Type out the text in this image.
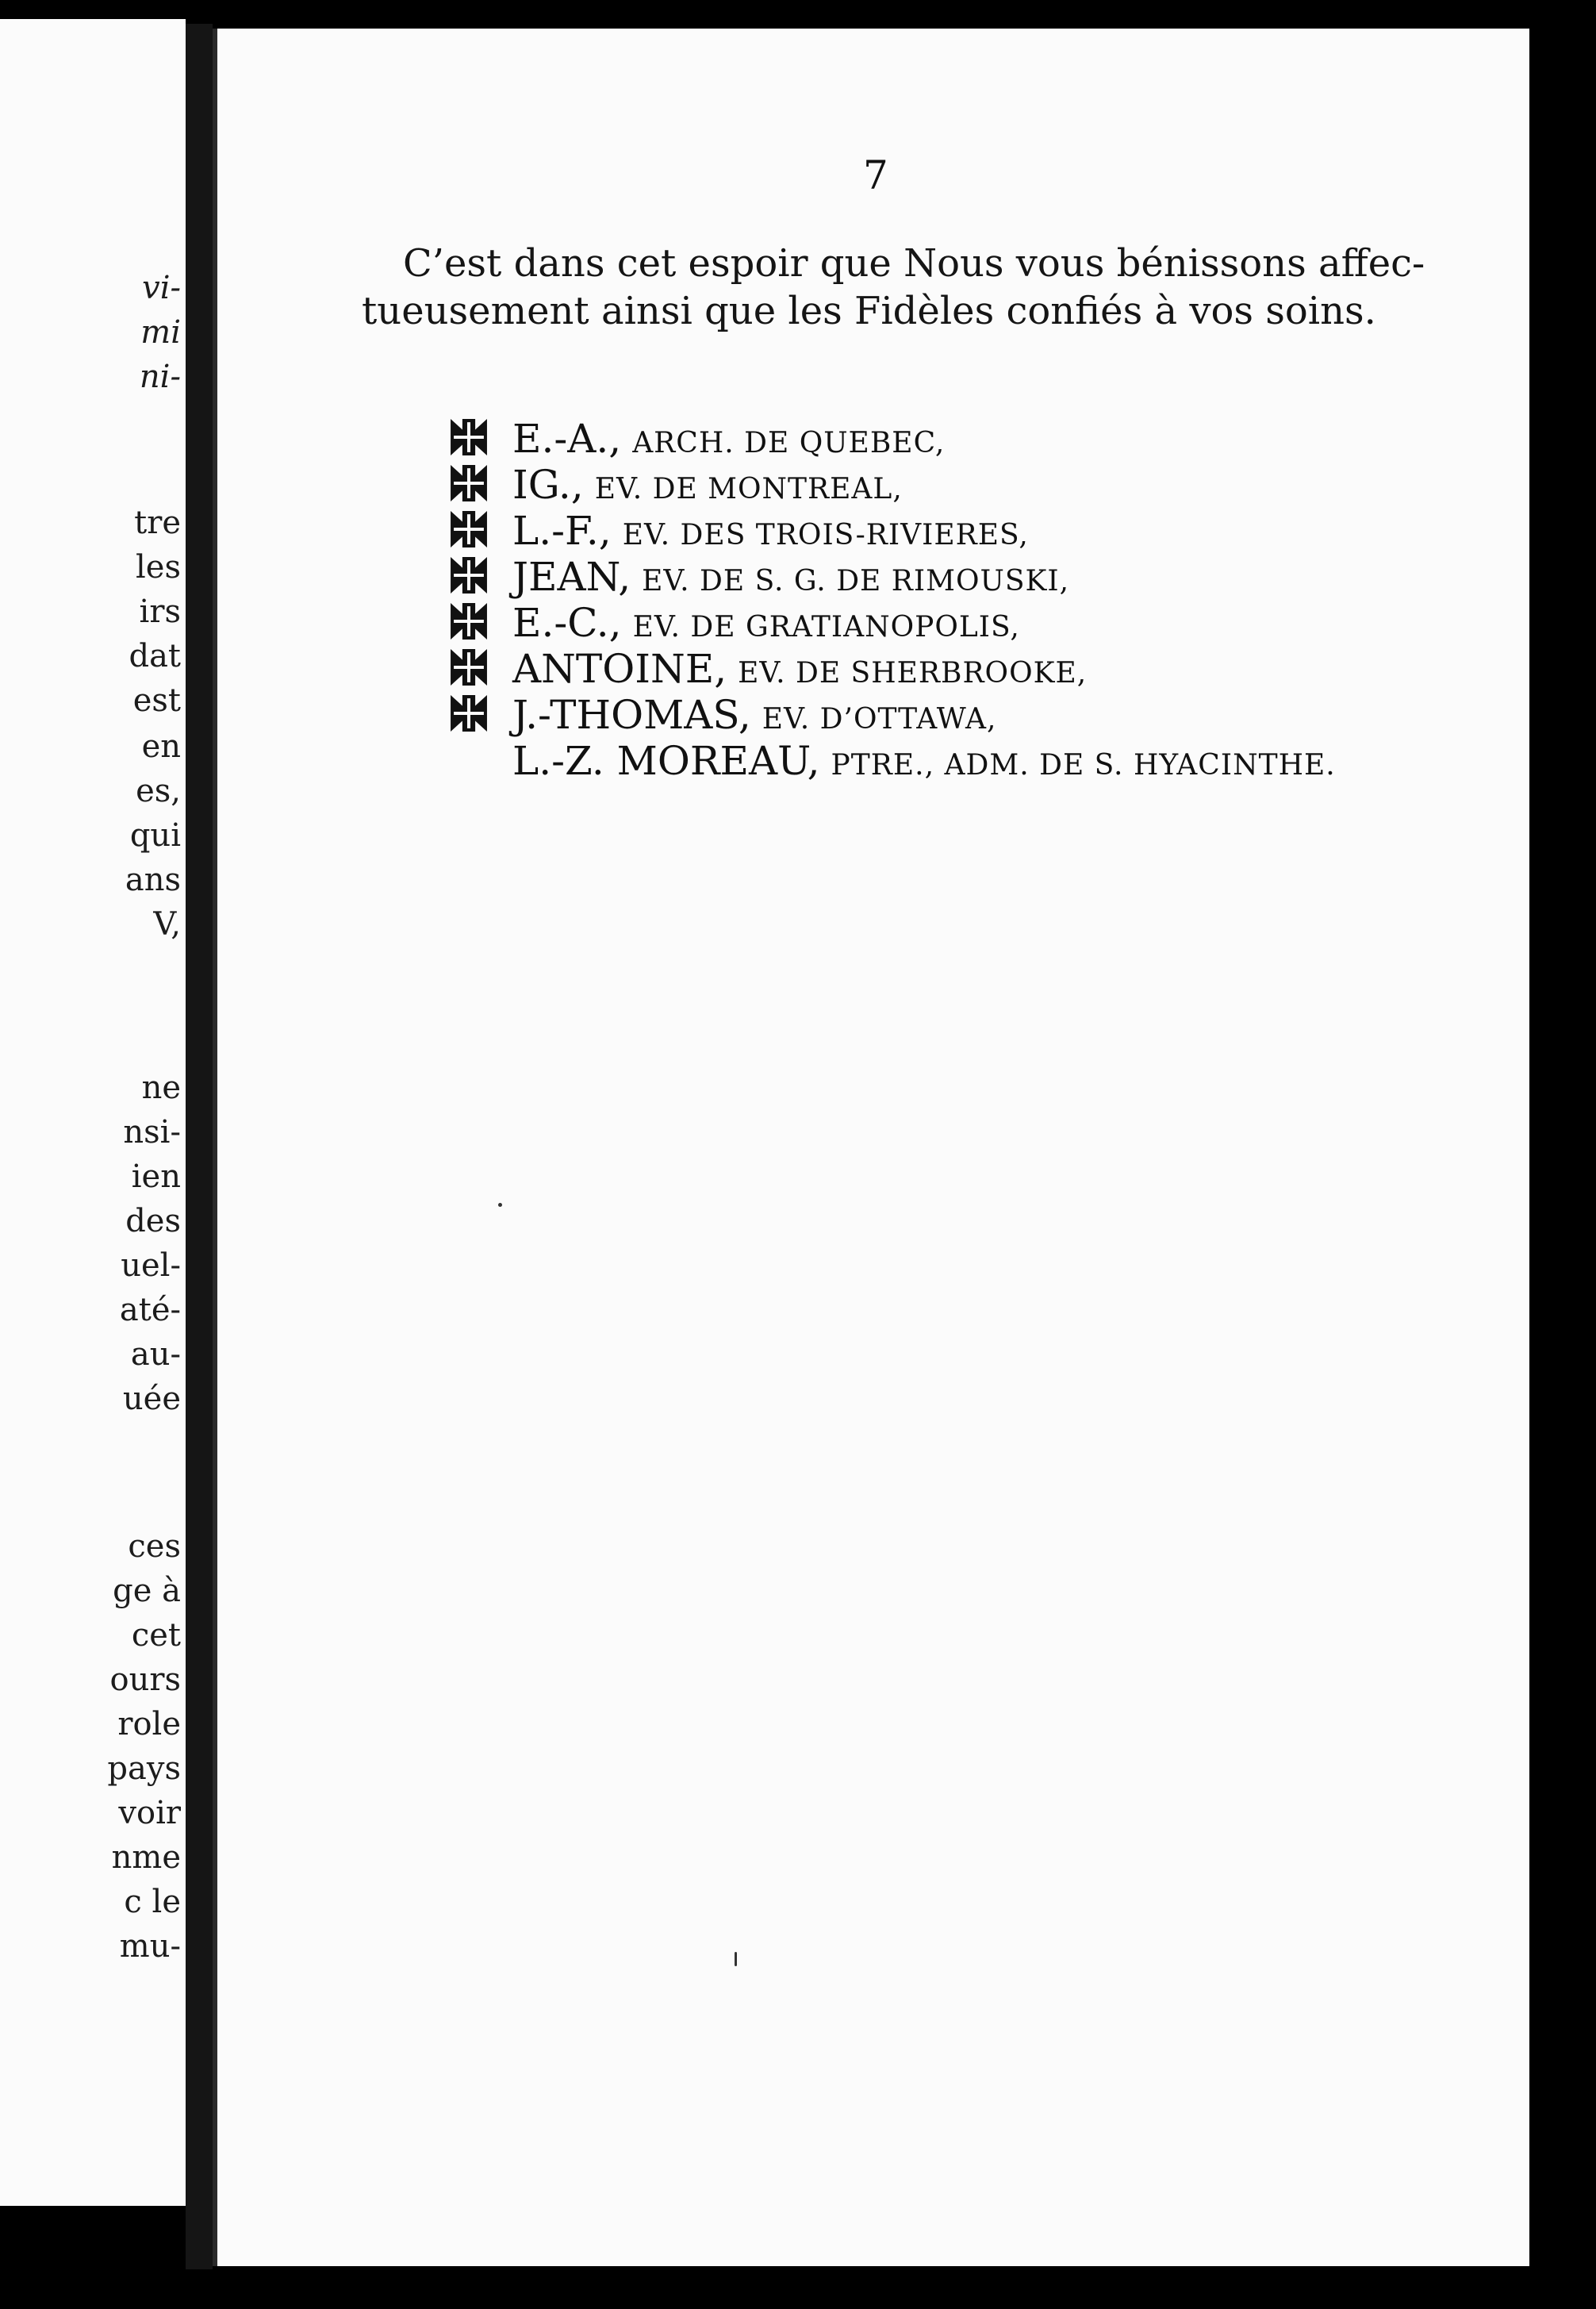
vi-
mi
ni-
tre
les
irs
dat
est
en
es,
qui
ans
V,
ne
nsi-
ien
des
uel-
até-
au-
uée
ces
ge à
cet
ours
role
pays
voir
nme
c le
mu-
7
C’est dans cet espoir que Nous vous bénissons affec-
tueusement ainsi que les Fidèles confiés à vos soins.
E.-A., ARCH. DE QUEBEC,
IG., EV. DE MONTREAL,
L.-F., EV. DES TROIS-RIVIERES,
JEAN, EV. DE S. G. DE RIMOUSKI,
E.-C., EV. DE GRATIANOPOLIS,
ANTOINE, EV. DE SHERBROOKE,
J.-THOMAS, EV. D’OTTAWA,
L.-Z. MOREAU, PTRE., ADM. DE S. HYACINTHE.
